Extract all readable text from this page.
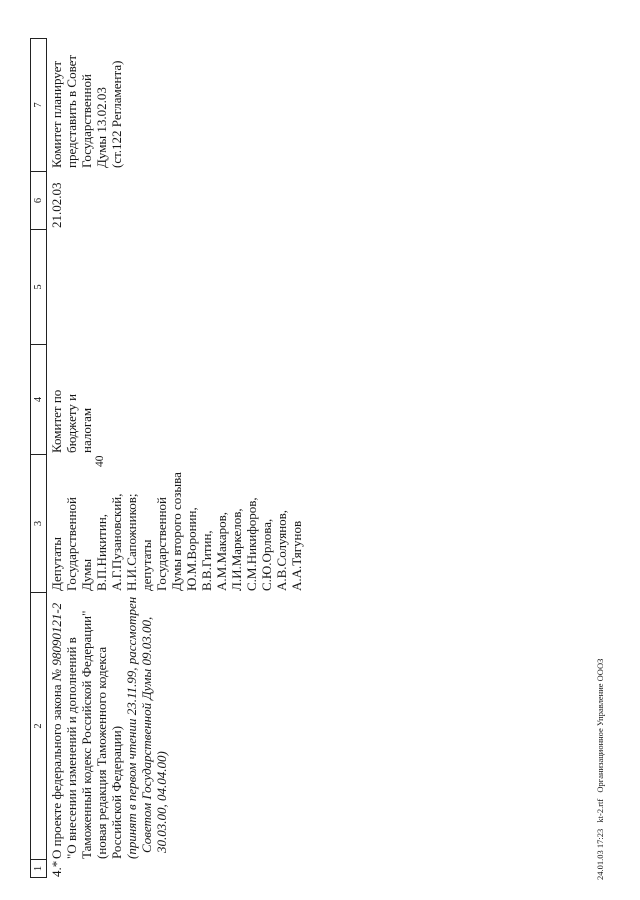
40
1
2
3
4
5
6
7
4.*
О проекте федерального закона № 98090121-2 "О внесении изменений и дополнений в Таможенный кодекс Российской Федерации" (новая редакция Таможенного кодекса Российской Федерации) (принят в первом чтении 23.11.99, рассмотрен Советом Государственной Думы 09.03.00, 30.03.00, 04.04.00)
Депутаты Государственной Думы В.П.Никитин, А.Г.Пузановский, Н.И.Сапожников; депутаты Государственной Думы второго созыва Ю.М.Воронин, В.В.Гитин, А.М.Макаров, Л.И.Маркелов, С.М.Никифоров, С.Ю.Орлова, А.В.Солуянов, А.А.Тягунов
Комитет по бюджету и налогам
21.02.03
Комитет планирует представить в Совет Государственной Думы 13.02.03 (ст.122 Регламента)
24.01.03 17:23 kt-2.rtf Организационное Управление ОООЗ
